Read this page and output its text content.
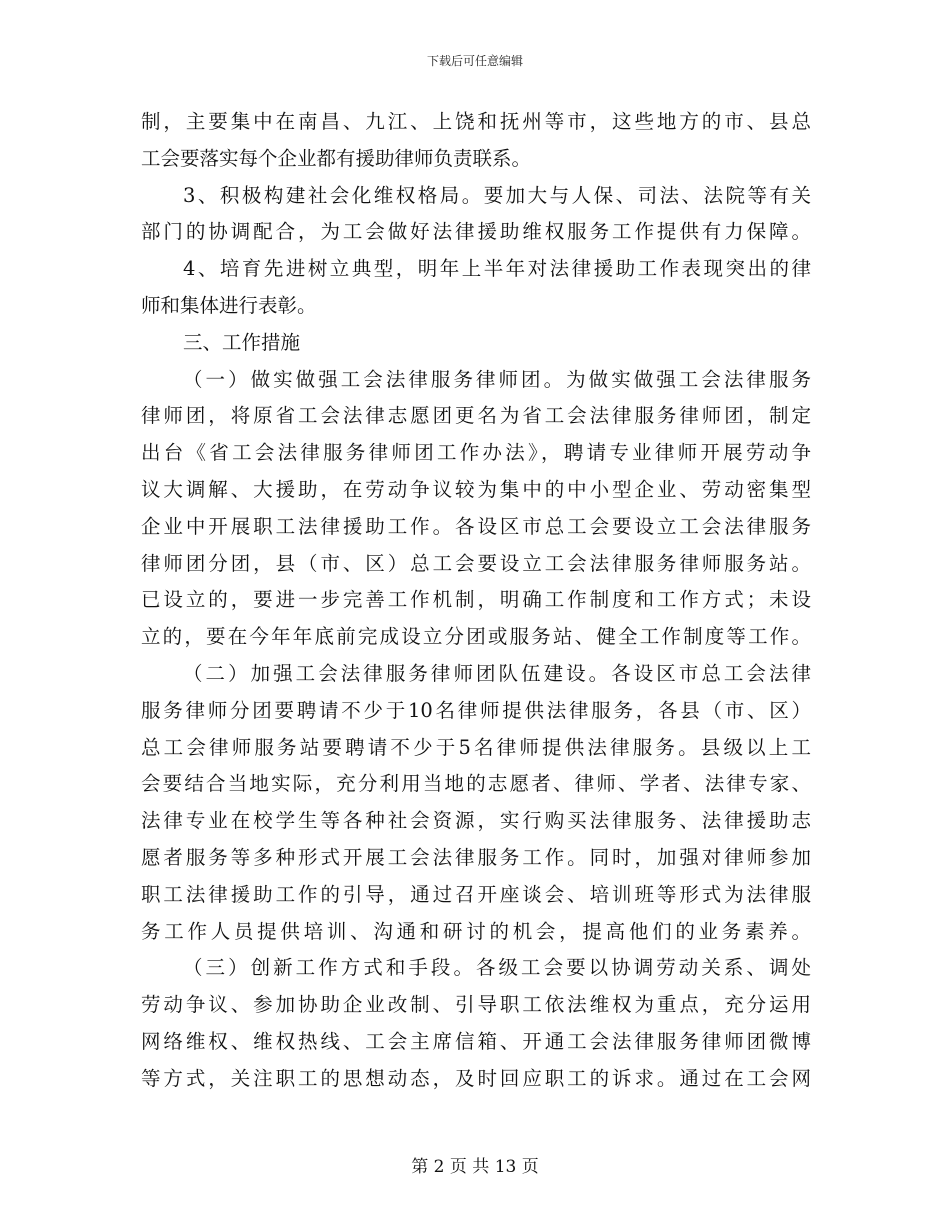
下载后可任意编辑
制，主要集中在南昌、九江、上饶和抚州等市，这些地方的市、县总
工会要落实每个企业都有援助律师负责联系。
3、积极构建社会化维权格局。要加大与人保、司法、法院等有关
部门的协调配合，为工会做好法律援助维权服务工作提供有力保障。
4、培育先进树立典型，明年上半年对法律援助工作表现突出的律
师和集体进行表彰。
三、工作措施
（一）做实做强工会法律服务律师团。为做实做强工会法律服务
律师团，将原省工会法律志愿团更名为省工会法律服务律师团，制定
出台《省工会法律服务律师团工作办法》，聘请专业律师开展劳动争
议大调解、大援助，在劳动争议较为集中的中小型企业、劳动密集型
企业中开展职工法律援助工作。各设区市总工会要设立工会法律服务
律师团分团，县（市、区）总工会要设立工会法律服务律师服务站。
已设立的，要进一步完善工作机制，明确工作制度和工作方式；未设
立的，要在今年年底前完成设立分团或服务站、健全工作制度等工作。
（二）加强工会法律服务律师团队伍建设。各设区市总工会法律
服务律师分团要聘请不少于10名律师提供法律服务，各县（市、区）
总工会律师服务站要聘请不少于5名律师提供法律服务。县级以上工
会要结合当地实际，充分利用当地的志愿者、律师、学者、法律专家、
法律专业在校学生等各种社会资源，实行购买法律服务、法律援助志
愿者服务等多种形式开展工会法律服务工作。同时，加强对律师参加
职工法律援助工作的引导，通过召开座谈会、培训班等形式为法律服
务工作人员提供培训、沟通和研讨的机会，提高他们的业务素养。
（三）创新工作方式和手段。各级工会要以协调劳动关系、调处
劳动争议、参加协助企业改制、引导职工依法维权为重点，充分运用
网络维权、维权热线、工会主席信箱、开通工会法律服务律师团微博
等方式，关注职工的思想动态，及时回应职工的诉求。通过在工会网
第 2 页 共 13 页
